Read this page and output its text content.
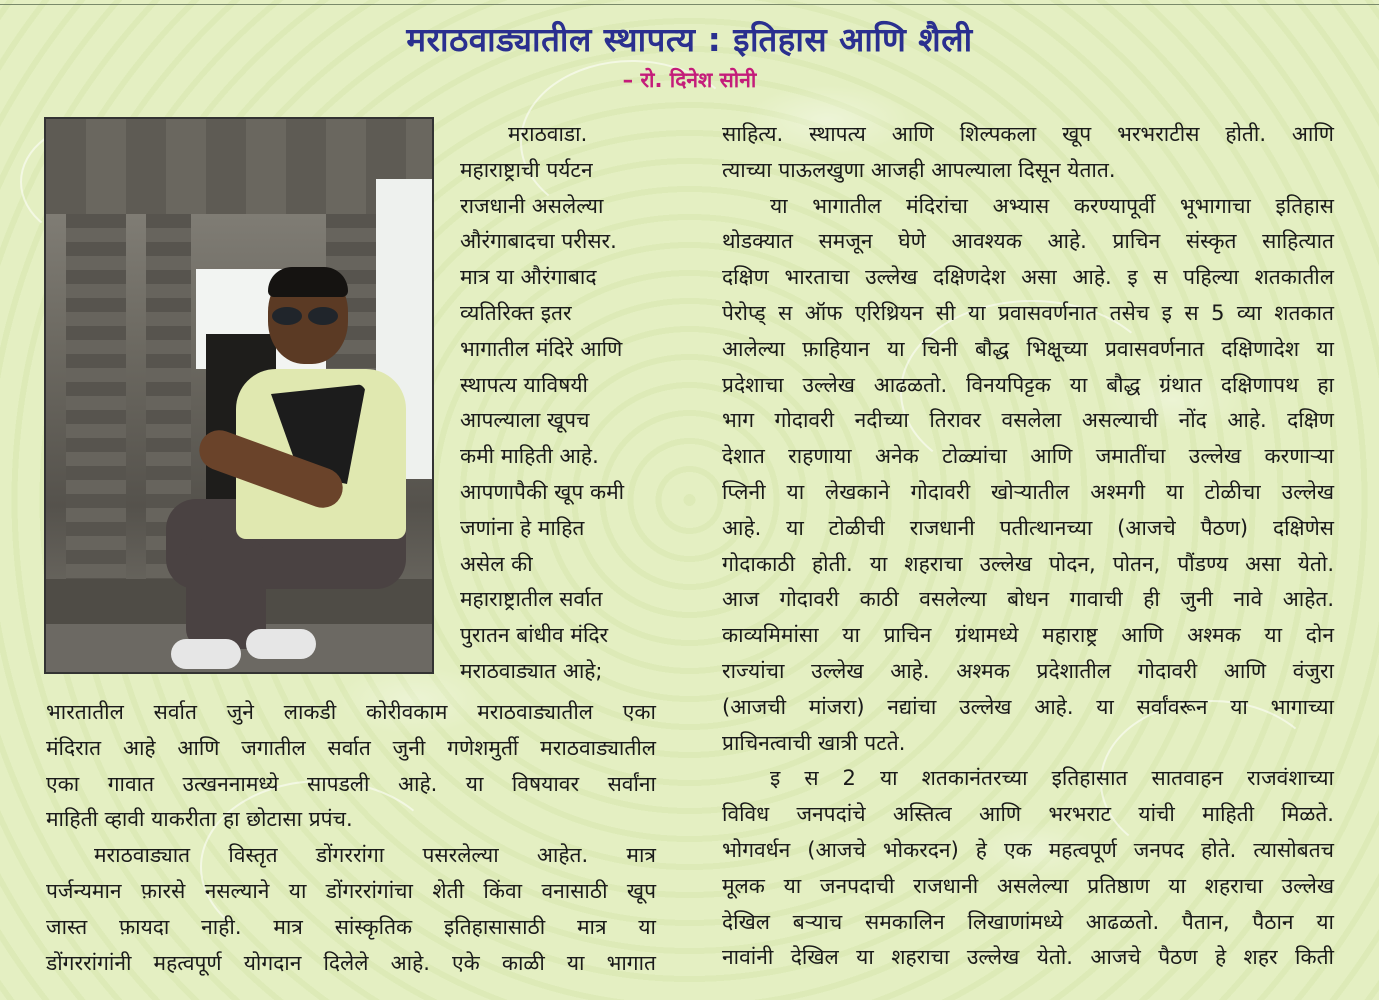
मराठवाड्यातील स्थापत्य : इतिहास आणि शैली
– रो. दिनेश सोनी
मराठवाडा.
महाराष्ट्राची पर्यटन
राजधानी असलेल्या
औरंगाबादचा परीसर.
मात्र या औरंगाबाद
व्यतिरिक्त इतर
भागातील मंदिरे आणि
स्थापत्य याविषयी
आपल्याला खूपच
कमी माहिती आहे.
आपणापैकी खूप कमी
जणांना हे माहित
असेल की
महाराष्ट्रातील सर्वात
पुरातन बांधीव मंदिर
मराठवाड्यात आहे;
भारतातील सर्वात जुने लाकडी कोरीवकाम मराठवाड्यातील एका
मंदिरात आहे आणि जगातील सर्वात जुनी गणेशमुर्ती मराठवाड्यातील
एका गावात उत्खननामध्ये सापडली आहे. या विषयावर सर्वांना
माहिती व्हावी याकरीता हा छोटासा प्रपंच.
मराठवाड्यात विस्तृत डोंगररांगा पसरलेल्या आहेत. मात्र
पर्जन्यमान फ़ारसे नसल्याने या डोंगररांगांचा शेती किंवा वनासाठी खूप
जास्त फ़ायदा नाही. मात्र सांस्कृतिक इतिहासासाठी मात्र या
डोंगररांगांनी महत्वपूर्ण योगदान दिलेले आहे. एके काळी या भागात
साहित्य. स्थापत्य आणि शिल्पकला खूप भरभराटीस होती. आणि
त्याच्या पाऊलखुणा आजही आपल्याला दिसून येतात.
या भागातील मंदिरांचा अभ्यास करण्यापूर्वी भूभागाचा इतिहास
थोडक्यात समजून घेणे आवश्यक आहे. प्राचिन संस्कृत साहित्यात
दक्षिण भारताचा उल्लेख दक्षिणदेश असा आहे. इ स पहिल्या शतकातील
पेरोप्ड् स ऑफ एरिथ्रियन सी या प्रवासवर्णनात तसेच इ स 5 व्या शतकात
आलेल्या फ़ाहियान या चिनी बौद्ध भिक्षूच्या प्रवासवर्णनात दक्षिणादेश या
प्रदेशाचा उल्लेख आढळतो. विनयपिट्टक या बौद्ध ग्रंथात दक्षिणापथ हा
भाग गोदावरी नदीच्या तिरावर वसलेला असल्याची नोंद आहे. दक्षिण
देशात राहणाया अनेक टोळ्यांचा आणि जमातींचा उल्लेख करणाऱ्या
प्लिनी या लेखकाने गोदावरी खोऱ्यातील अश्मगी या टोळीचा उल्लेख
आहे. या टोळीची राजधानी पतीत्थानच्या (आजचे पैठण) दक्षिणेस
गोदाकाठी होती. या शहराचा उल्लेख पोदन, पोतन, पौंडण्य असा येतो.
आज गोदावरी काठी वसलेल्या बोधन गावाची ही जुनी नावे आहेत.
काव्यमिमांसा या प्राचिन ग्रंथामध्ये महाराष्ट्र आणि अश्मक या दोन
राज्यांचा उल्लेख आहे. अश्मक प्रदेशातील गोदावरी आणि वंजुरा
(आजची मांजरा) नद्यांचा उल्लेख आहे. या सर्वांवरून या भागाच्या
प्राचिनत्वाची खात्री पटते.
इ स 2 या शतकानंतरच्या इतिहासात सातवाहन राजवंशाच्या
विविध जनपदांचे अस्तित्व आणि भरभराट यांची माहिती मिळते.
भोगवर्धन (आजचे भोकरदन) हे एक महत्वपूर्ण जनपद होते. त्यासोबतच
मूलक या जनपदाची राजधानी असलेल्या प्रतिष्ठाण या शहराचा उल्लेख
देखिल बऱ्याच समकालिन लिखाणांमध्ये आढळतो. पैतान, पैठान या
नावांनी देखिल या शहराचा उल्लेख येतो. आजचे पैठण हे शहर किती
